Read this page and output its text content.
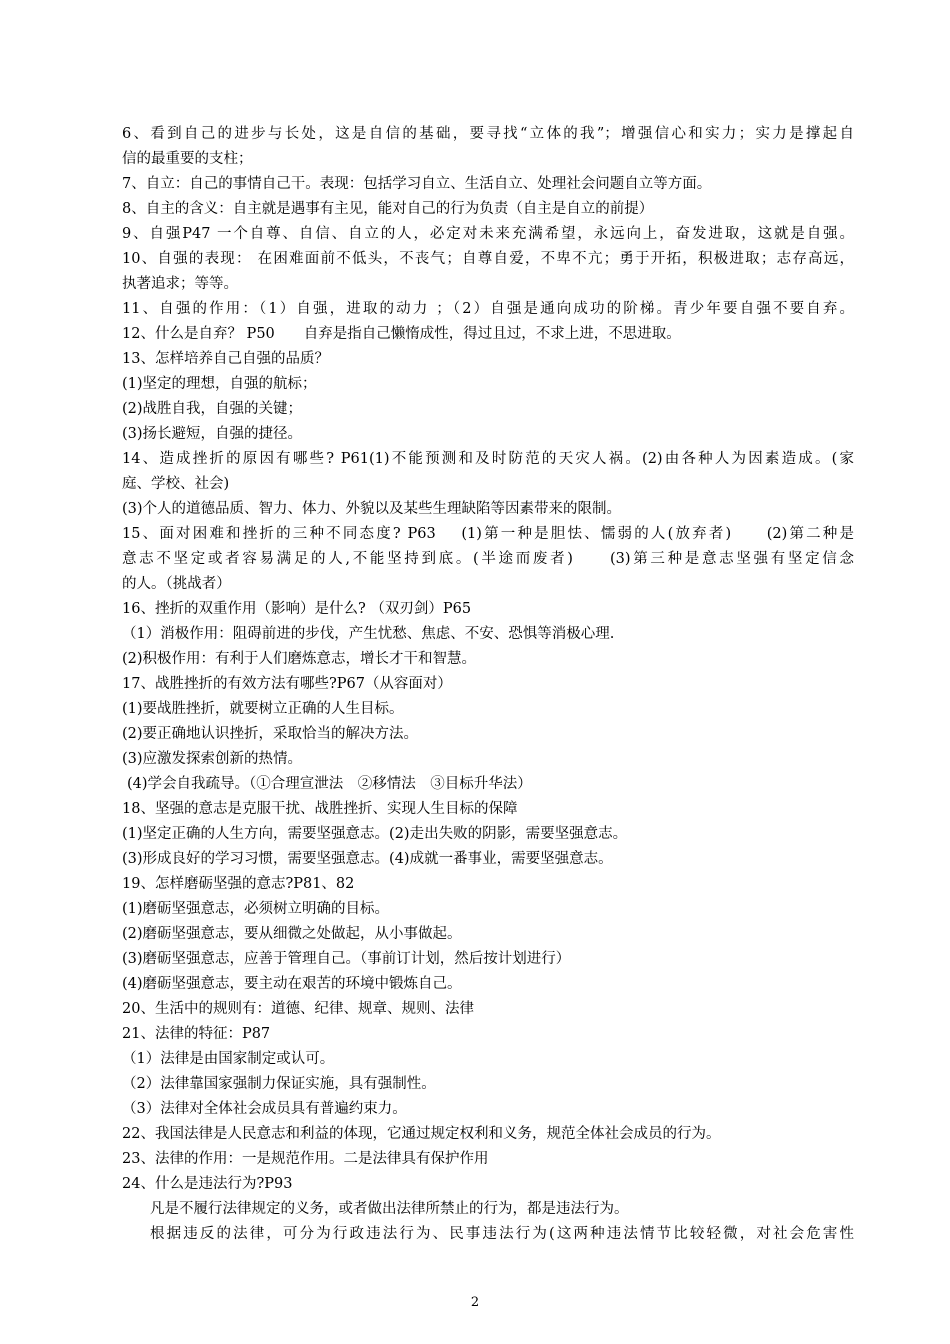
6、看到自己的进步与长处，这是自信的基础，要寻找“立体的我”；增强信心和实力；实力是撑起自
信的最重要的支柱；
7、自立：自己的事情自己干。表现：包括学习自立、生活自立、处理社会问题自立等方面。
8、自主的含义：自主就是遇事有主见，能对自己的行为负责（自主是自立的前提）
9、自强P47 一个自尊、自信、自立的人，必定对未来充满希望，永远向上，奋发进取，这就是自强。
10、自强的表现： 在困难面前不低头，不丧气；自尊自爱，不卑不亢；勇于开拓，积极进取；志存高远，
执著追求；等等。
11、自强的作用：（1）自强，进取的动力 ；（2）自强是通向成功的阶梯。青少年要自强不要自弃。
12、什么是自弃？ P50　　自弃是指自己懒惰成性，得过且过，不求上进，不思进取。
13、怎样培养自己自强的品质？
(1)坚定的理想，自强的航标；
(2)战胜自我，自强的关键；
(3)扬长避短，自强的捷径。
14、造成挫折的原因有哪些? P61(1)不能预测和及时防范的天灾人祸。(2)由各种人为因素造成。(家
庭、学校、社会)
(3)个人的道德品质、智力、体力、外貌以及某些生理缺陷等因素带来的限制。
15、面对困难和挫折的三种不同态度? P63　 (1)第一种是胆怯、懦弱的人(放弃者)　　(2)第二种是
意志不坚定或者容易满足的人,不能坚持到底。(半途而废者)　　(3)第三种是意志坚强有坚定信念
的人。（挑战者）
16、挫折的双重作用（影响）是什么? （双刃剑）P65
（1）消极作用：阻碍前进的步伐，产生忧愁、焦虑、不安、恐惧等消极心理.
(2)积极作用：有利于人们磨炼意志，增长才干和智慧。
17、战胜挫折的有效方法有哪些?P67（从容面对）
(1)要战胜挫折，就要树立正确的人生目标。
(2)要正确地认识挫折，采取恰当的解决方法。
(3)应激发探索创新的热情。
(4)学会自我疏导。（①合理宣泄法　②移情法　③目标升华法）
18、坚强的意志是克服干扰、战胜挫折、实现人生目标的保障
(1)坚定正确的人生方向，需要坚强意志。(2)走出失败的阴影，需要坚强意志。
(3)形成良好的学习习惯，需要坚强意志。(4)成就一番事业，需要坚强意志。
19、怎样磨砺坚强的意志?P81、82
(1)磨砺坚强意志，必须树立明确的目标。
(2)磨砺坚强意志，要从细微之处做起，从小事做起。
(3)磨砺坚强意志，应善于管理自己。（事前订计划，然后按计划进行）
(4)磨砺坚强意志，要主动在艰苦的环境中锻炼自己。
20、生活中的规则有：道德、纪律、规章、规则、法律
21、法律的特征：P87
（1）法律是由国家制定或认可。
（2）法律靠国家强制力保证实施，具有强制性。
（3）法律对全体社会成员具有普遍约束力。
22、我国法律是人民意志和利益的体现，它通过规定权利和义务，规范全体社会成员的行为。
23、法律的作用：一是规范作用。二是法律具有保护作用
24、什么是违法行为?P93
凡是不履行法律规定的义务，或者做出法律所禁止的行为，都是违法行为。
根据违反的法律，可分为行政违法行为、民事违法行为(这两种违法情节比较轻微，对社会危害性
2
